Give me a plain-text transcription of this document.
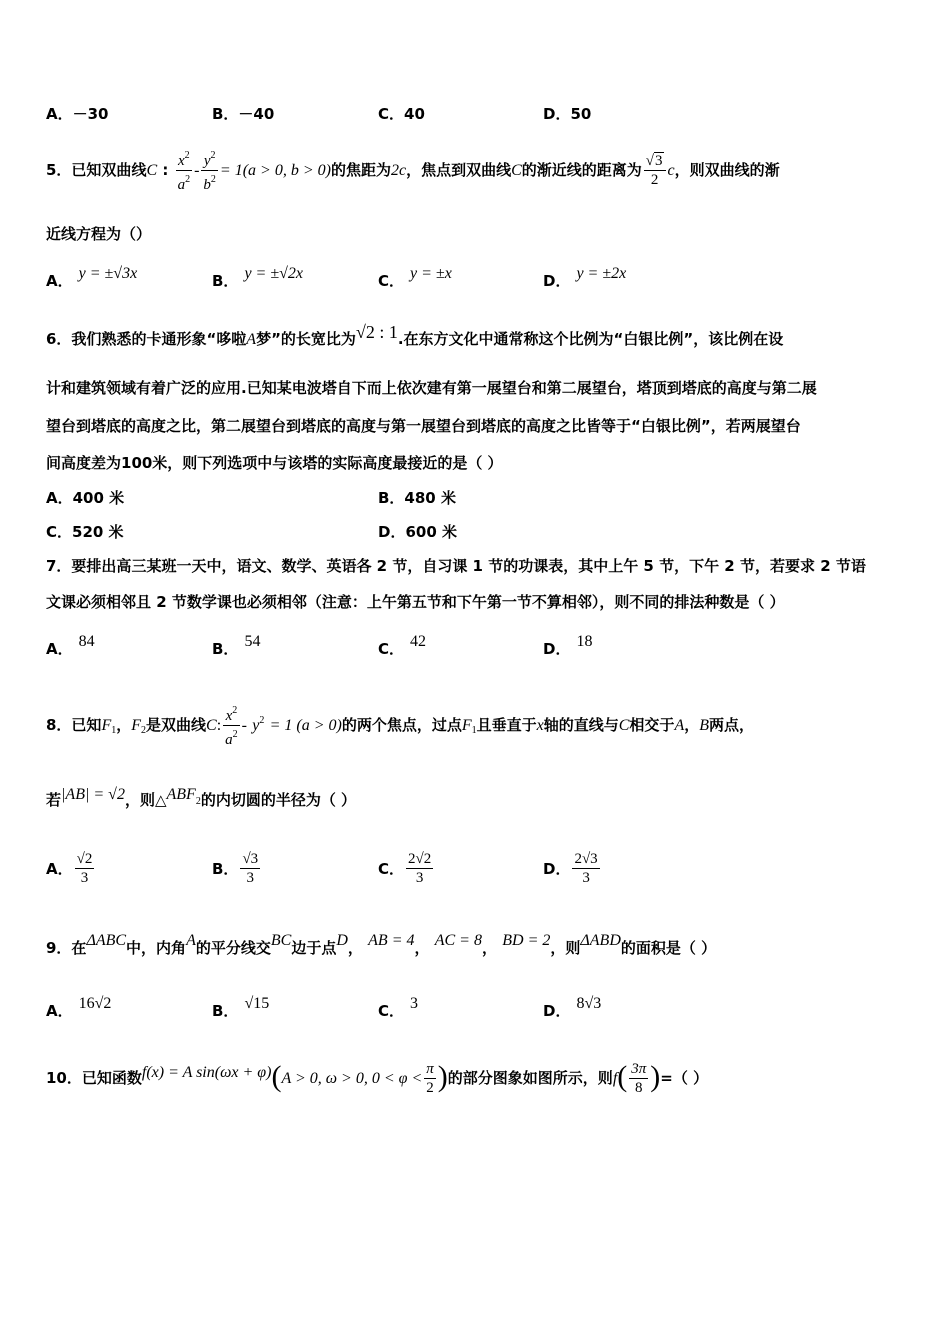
A．－30	B．－40	C．40	D．50
5．已知双曲线C : $\frac{x^2}{a^2} - \frac{y^2}{b^2} = 1(a > 0$, b > 0)的焦距为2c，焦点到双曲线C的渐近线的距离为 $\frac{√3}{2}$ c，则双曲线的渐
近线方程为（）
A． y = ±√3x	B． y = ±√2x	C． y = ±x	D． y = ±2x
6．我们熟悉的卡通形象“哆啦A梦”的长宽比为√2 : 1.在东方文化中通常称这个比例为“白银比例”，该比例在设
计和建筑领域有着广泛的应用.已知某电波塔自下而上依次建有第一展望台和第二展望台，塔顶到塔底的高度与第二展
望台到塔底的高度之比，第二展望台到塔底的高度与第一展望台到塔底的高度之比皆等于“白银比例”，若两展望台
间高度差为100米，则下列选项中与该塔的实际高度最接近的是（ ）
A．400 米	B．480 米
C．520 米	D．600 米
7．要排出高三某班一天中，语文、数学、英语各 2 节，自习课 1 节的功课表，其中上午 5 节，下午 2 节，若要求 2 节语
文课必须相邻且 2 节数学课也必须相邻（注意：上午第五节和下午第一节不算相邻），则不同的排法种数是（ ）
A． 84	B． 54	C． 42	D． 18
8．已知$F_1$，$F_2$是双曲线C: $\frac{x^2}{a^2} - y^2 = 1$ (a > 0)的两个焦点，过点$F_1$且垂直于x轴的直线与C相交于A，B两点，
若|AB| = √2，则$\triangle ABF_2$的内切圆的半径为（ ）
A． $\frac{√2}{3}$	B． $\frac{√3}{3}$	C． $\frac{2√2}{3}$	D． $\frac{2√3}{3}$
9．在ΔABC中，内角A的平分线交BC边于点D， AB = 4， AC = 8， BD = 2，则ΔABD的面积是（ ）
A． 16√2	B． √15	C． 3	D． 8√3
10．已知函数f(x) = A sin(ωx + φ)(A > 0, ω > 0, $0 < \varphi < \frac{\pi}{2}$ )的部分图象如图所示，则$f( \frac{3\pi}{8}$ )=（ ）
